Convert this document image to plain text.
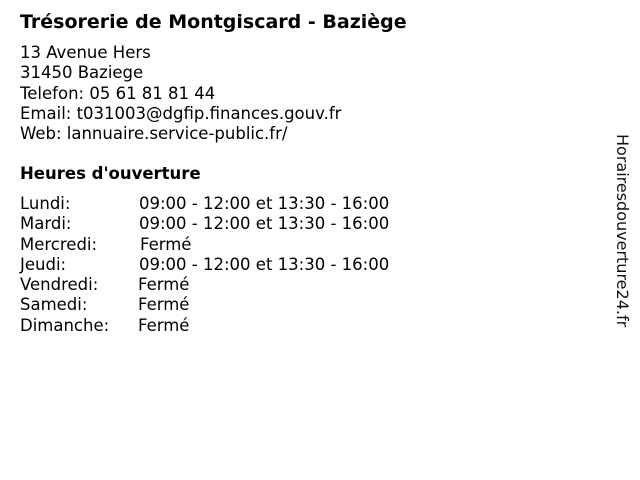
Trésorerie de Montgiscard - Baziège
13 Avenue Hers
31450 Baziege
Telefon: 05 61 81 81 44
Email: t031003@dgfip.finances.gouv.fr
Web: lannuaire.service-public.fr/
Heures d'ouverture
Lundi:	09:00 - 12:00 et 13:30 - 16:00
Mardi:	09:00 - 12:00 et 13:30 - 16:00
Mercredi:	Fermé
Jeudi:	09:00 - 12:00 et 13:30 - 16:00
Vendredi: Fermé
Samedi:	Fermé
Dimanche: Fermé	Horairesdouverture24.fr
